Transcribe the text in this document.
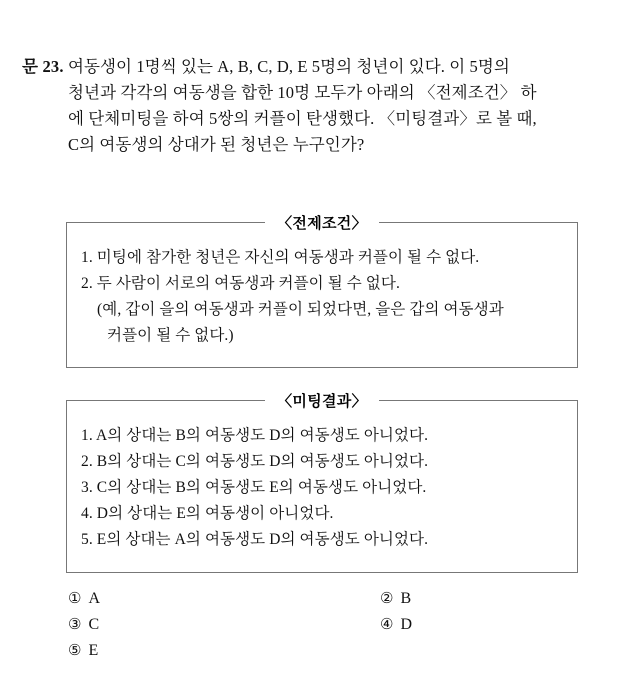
문 23. 여동생이 1명씩 있는 A, B, C, D, E 5명의 청년이 있다. 이 5명의
청년과 각각의 여동생을 합한 10명 모두가 아래의 〈전제조건〉 하
에 단체미팅을 하여 5쌍의 커플이 탄생했다. 〈미팅결과〉로 볼 때,
C의 여동생의 상대가 된 청년은 누구인가?
〈전제조건〉
1. 미팅에 참가한 청년은 자신의 여동생과 커플이 될 수 없다.
2. 두 사람이 서로의 여동생과 커플이 될 수 없다.
(예, 갑이 을의 여동생과 커플이 되었다면, 을은 갑의 여동생과
커플이 될 수 없다.)
〈미팅결과〉
1. A의 상대는 B의 여동생도 D의 여동생도 아니었다.
2. B의 상대는 C의 여동생도 D의 여동생도 아니었다.
3. C의 상대는 B의 여동생도 E의 여동생도 아니었다.
4. D의 상대는 E의 여동생이 아니었다.
5. E의 상대는 A의 여동생도 D의 여동생도 아니었다.
① A	② B
③ C	④ D
⑤ E
